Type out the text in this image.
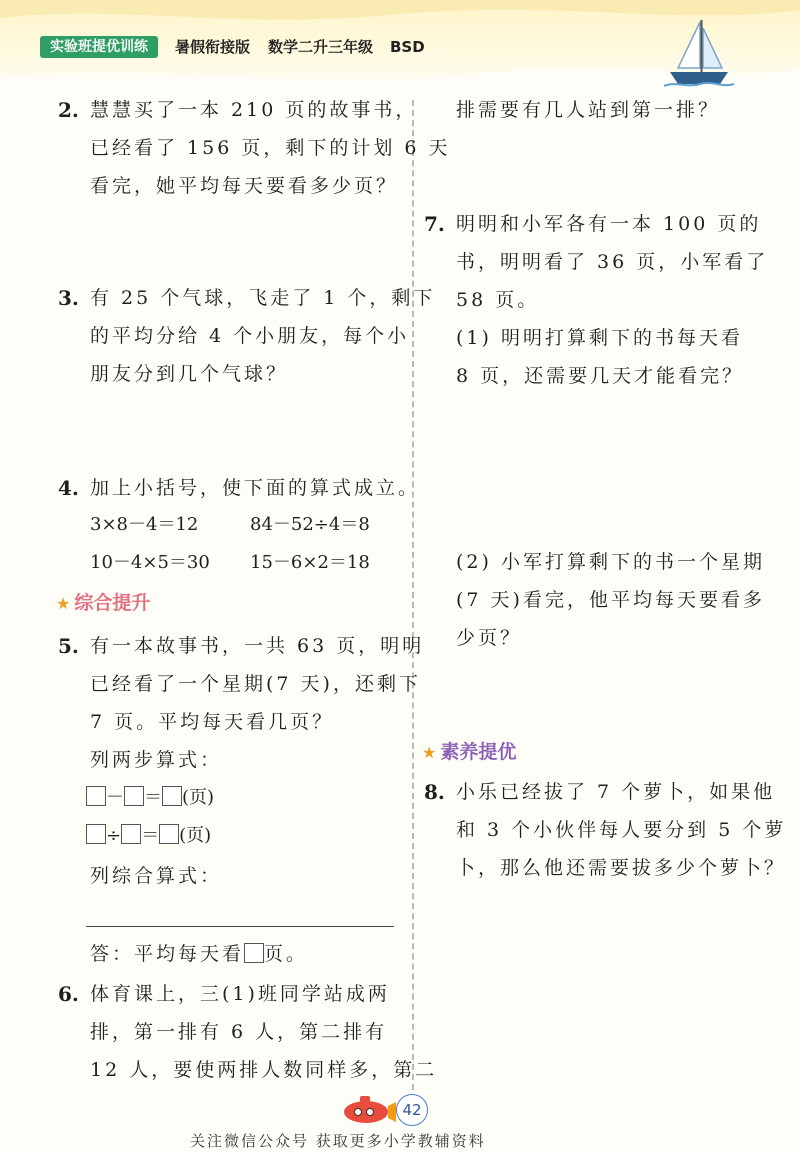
实验班提优训练	暑假衔接版 数学二升三年级 BSD
2. 慧慧买了一本 210 页的故事书，
已经看了 156 页，剩下的计划 6 天
看完，她平均每天要看多少页？
3. 有 25 个气球，飞走了 1 个，剩下
的平均分给 4 个小朋友，每个小
朋友分到几个气球？
4. 加上小括号，使下面的算式成立。
3×8－4＝12	84－52÷4＝8
10－4×5＝30 15－6×2＝18
★ 综合提升
5. 有一本故事书，一共 63 页，明明
已经看了一个星期(7 天)，还剩下
7 页。平均每天看几页？
列两步算式：
－ ＝ (页)
÷ ＝ (页)
列综合算式：
答：平均每天看 页。
6. 体育课上，三(1)班同学站成两
排，第一排有 6 人，第二排有
12 人，要使两排人数同样多，第二
排需要有几人站到第一排？
7. 明明和小军各有一本 100 页的
书，明明看了 36 页，小军看了
58 页。
(1) 明明打算剩下的书每天看
8 页，还需要几天才能看完？
(2) 小军打算剩下的书一个星期
(7 天)看完，他平均每天要看多
少页？
★ 素养提优
8. 小乐已经拔了 7 个萝卜，如果他
和 3 个小伙伴每人要分到 5 个萝
卜，那么他还需要拔多少个萝卜？
42
关注微信公众号 获取更多小学教辅资料
